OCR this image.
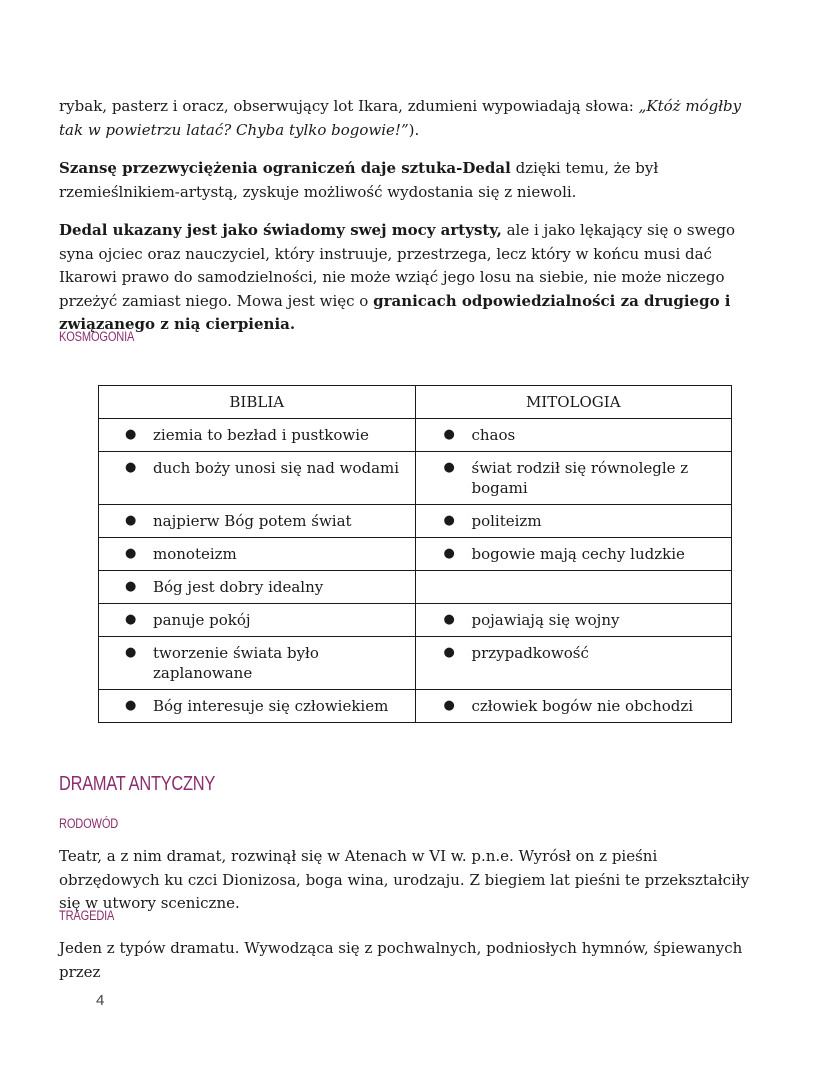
rybak, pasterz i oracz, obserwujący lot Ikara, zdumieni wypowiadają słowa: „Któż mógłby tak w powietrzu latać? Chyba tylko bogowie!”).

Szansę przezwyciężenia ograniczeń daje sztuka-Dedal dzięki temu, że był rzemieślnikiem-artystą, zyskuje możliwość wydostania się z niewoli.

Dedal ukazany jest jako świadomy swej mocy artysty, ale i jako lękający się o swego syna ojciec oraz nauczyciel, który instruuje, przestrzega, lecz który w końcu musi dać Ikarowi prawo do samodzielności, nie może wziąć jego losu na siebie, nie może niczego przeżyć zamiast niego. Mowa jest więc o granicach odpowiedzialności za drugiego i związanego z nią cierpienia.

KOSMOGONIA
BIBLIA	MITOLOGIA

● ziemia to bezład i pustkowie	● chaos

● duch boży unosi się nad wodami	● świat rodził się równolegle z bogami

● najpierw Bóg potem świat	● politeizm

● monoteizm	● bogowie mają cechy ludzkie

● Bóg jest dobry idealny	

● panuje pokój	● pojawiają się wojny

● tworzenie świata było zaplanowane	● przypadkowość

● Bóg interesuje się człowiekiem	● człowiek bogów nie obchodzi
DRAMAT ANTYCZNY
RODOWÓD

Teatr, a z nim dramat, rozwinął się w Atenach w VI w. p.n.e. Wyrósł on z pieśni obrzędowych ku czci Dionizosa, boga wina, urodzaju. Z biegiem lat pieśni te przekształciły się w utwory sceniczne.

TRAGEDIA

Jeden z typów dramatu. Wywodząca się z pochwalnych, podniosłych hymnów, śpiewanych przez

4
